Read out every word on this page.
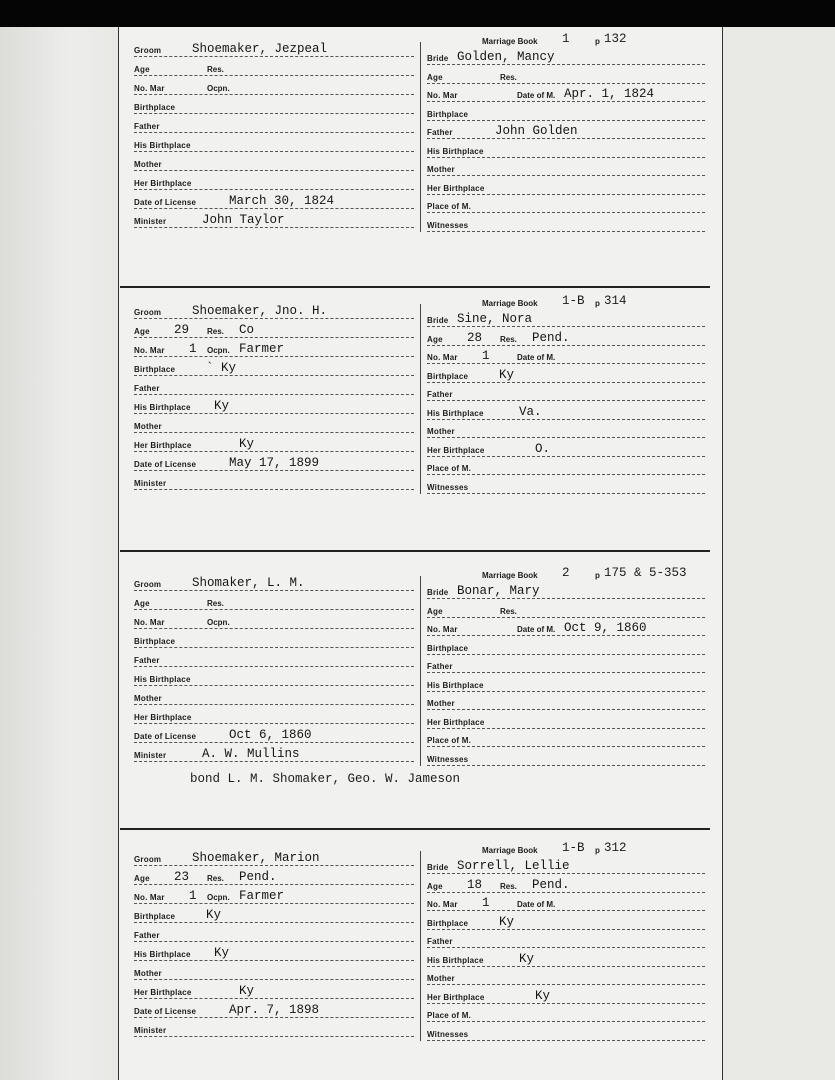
Marriage Book 1	p 132
Groom Shoemaker, Jezpeal
Age	Res.
No. Mar	Ocpn.
Birthplace
Father
His Birthplace
Mother
Her Birthplace
Date of License	March 30, 1824
Minister	John Taylor
Bride Golden, Mancy
Age	Res.
No. Mar	Date of M. Apr. 1, 1824
Birthplace
Father	John Golden
His Birthplace
Mother
Her Birthplace
Place of M.
Witnesses
Marriage Book 1-B p 314
Groom Shoemaker, Jno. H.
Age 29 Res. Co
No. Mar 1 Ocpn. Farmer
Birthplace ` Ky
Father
His Birthplace Ky
Mother
Her Birthplace	Ky
Date of License	May 17, 1899
Minister
Bride Sine, Nora
Age 28 Res. Pend.
No. Mar 1	Date of M.
Birthplace Ky
Father
His Birthplace	Va.
Mother
Her Birthplace	O.
Place of M.
Witnesses
Marriage Book 2	p 175 & 5-353
Groom Shomaker, L. M.
Age	Res.
No. Mar	Ocpn.
Birthplace
Father
His Birthplace
Mother
Her Birthplace
Date of License	Oct 6, 1860
Minister	A. W. Mullins
Bride Bonar, Mary
Age	Res.
No. Mar	Date of M. Oct 9, 1860
Birthplace
Father
His Birthplace
Mother
Her Birthplace
Place of M.
Witnesses
bond L. M. Shomaker, Geo. W. Jameson
Marriage Book 1-B p 312
Groom Shoemaker, Marion
Age 23 Res. Pend.
No. Mar 1 Ocpn. Farmer
Birthplace Ky
Father
His Birthplace Ky
Mother
Her Birthplace	Ky
Date of License	Apr. 7, 1898
Minister
Bride Sorrell, Lellie
Age 18 Res. Pend.
No. Mar 1	Date of M.
Birthplace Ky
Father
His Birthplace	Ky
Mother
Her Birthplace	Ky
Place of M.
Witnesses
